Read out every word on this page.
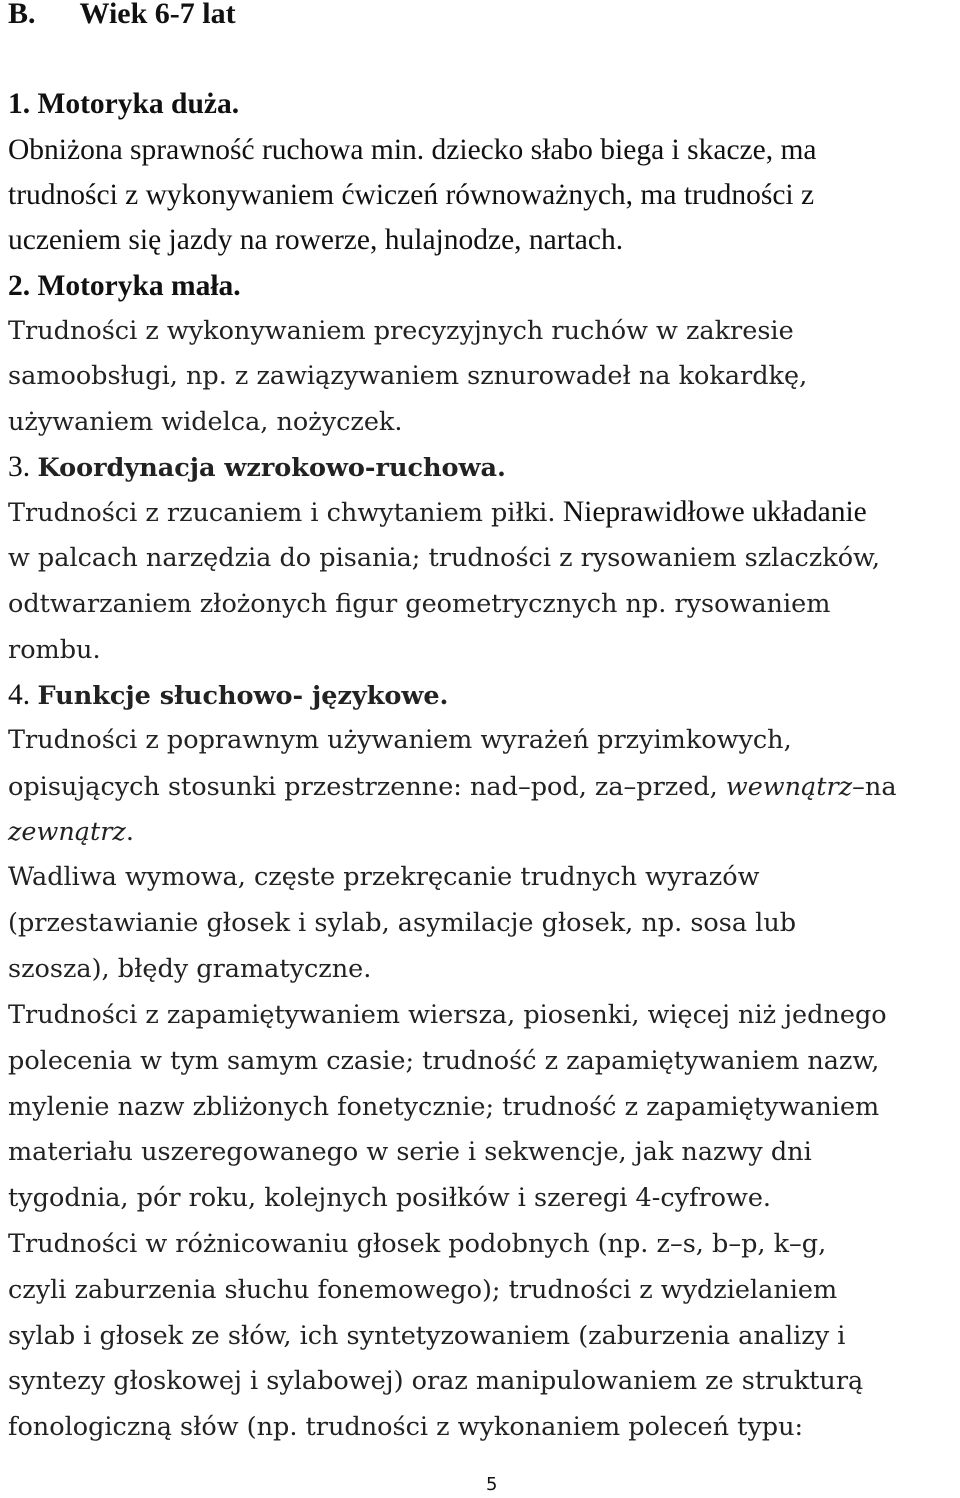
B. Wiek 6-7 lat
1. Motoryka duża.
Obniżona sprawność ruchowa min. dziecko słabo biega i skacze, ma
trudności z wykonywaniem ćwiczeń równoważnych, ma trudności z
uczeniem się jazdy na rowerze, hulajnodze, nartach.
2. Motoryka mała.
Trudności z wykonywaniem precyzyjnych ruchów w zakresie
samoobsługi, np. z zawiązywaniem sznurowadeł na kokardkę,
używaniem widelca, nożyczek.
3. Koordynacja wzrokowo-ruchowa.
Trudności z rzucaniem i chwytaniem piłki. Nieprawidłowe układanie
w palcach narzędzia do pisania; trudności z rysowaniem szlaczków,
odtwarzaniem złożonych figur geometrycznych np. rysowaniem
rombu.
4. Funkcje słuchowo- językowe.
Trudności z poprawnym używaniem wyrażeń przyimkowych,
opisujących stosunki przestrzenne: nad–pod, za–przed, wewnątrz–na
zewnątrz.
Wadliwa wymowa, częste przekręcanie trudnych wyrazów
(przestawianie głosek i sylab, asymilacje głosek, np. sosa lub
szosza), błędy gramatyczne.
Trudności z zapamiętywaniem wiersza, piosenki, więcej niż jednego
polecenia w tym samym czasie; trudność z zapamiętywaniem nazw,
mylenie nazw zbliżonych fonetycznie; trudność z zapamiętywaniem
materiału uszeregowanego w serie i sekwencje, jak nazwy dni
tygodnia, pór roku, kolejnych posiłków i szeregi 4-cyfrowe.
Trudności w różnicowaniu głosek podobnych (np. z–s, b–p, k–g,
czyli zaburzenia słuchu fonemowego); trudności z wydzielaniem
sylab i głosek ze słów, ich syntetyzowaniem (zaburzenia analizy i
syntezy głoskowej i sylabowej) oraz manipulowaniem ze strukturą
fonologiczną słów (np. trudności z wykonaniem poleceń typu:
5
